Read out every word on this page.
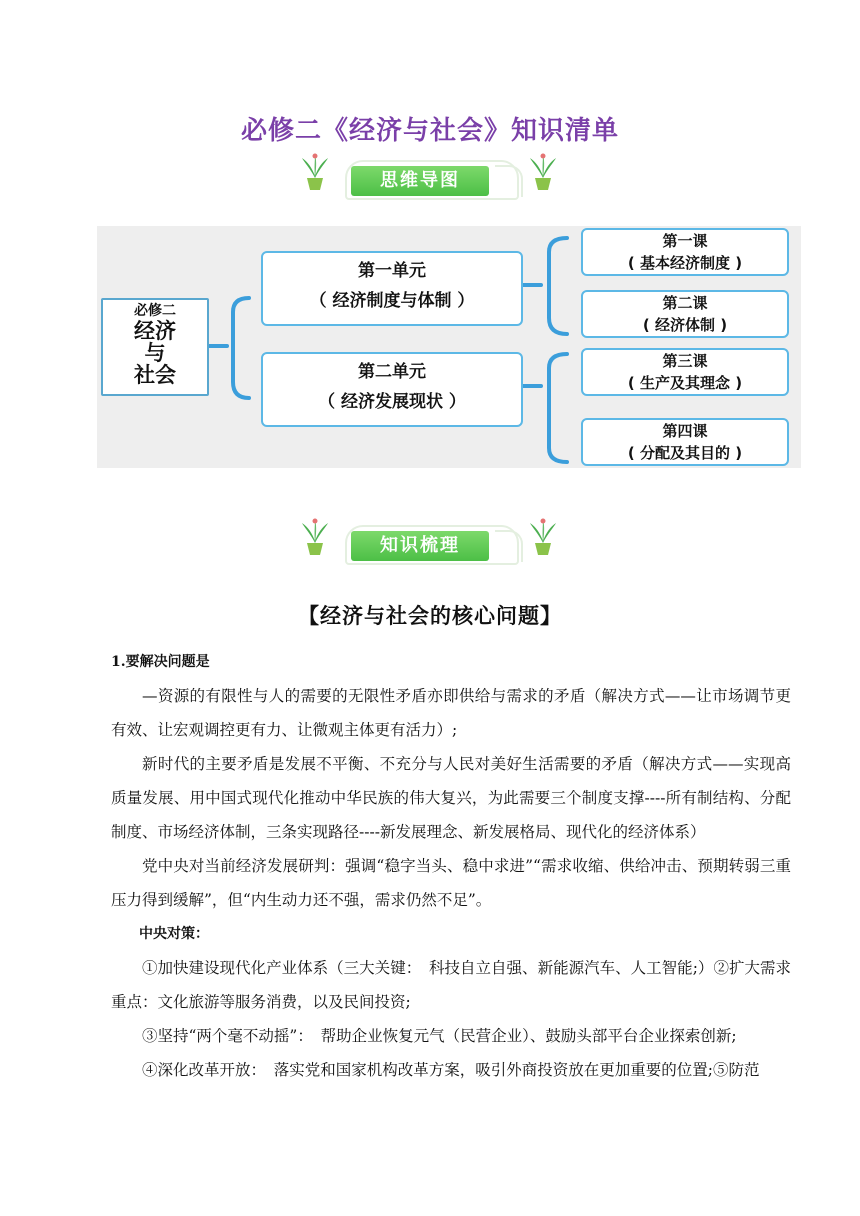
必修二《经济与社会》知识清单
思维导图
必修二
经济
与
社会
第一单元
（ 经济制度与体制 ）
第二单元
（ 经济发展现状 ）
第一课
( 基本经济制度 )
第二课
( 经济体制 )
第三课
( 生产及其理念 )
第四课
( 分配及其目的 )
知识梳理
【经济与社会的核心问题】

1.要解决问题是

—资源的有限性与人的需要的无限性矛盾亦即供给与需求的矛盾（解决方式——让市场调节更有效、让宏观调控更有力、让微观主体更有活力）;

新时代的主要矛盾是发展不平衡、不充分与人民对美好生活需要的矛盾（解决方式——实现高质量发展、用中国式现代化推动中华民族的伟大复兴，为此需要三个制度支撑----所有制结构、分配制度、市场经济体制，三条实现路径----新发展理念、新发展格局、现代化的经济体系）

党中央对当前经济发展研判：强调“稳字当头、稳中求进”“需求收缩、供给冲击、预期转弱三重压力得到缓解”，但“内生动力还不强，需求仍然不足”。

中央对策：

①加快建设现代化产业体系（三大关键：　科技自立自强、新能源汽车、人工智能;）②扩大需求重点：文化旅游等服务消费，以及民间投资;

③坚持“两个毫不动摇”：　帮助企业恢复元气（民营企业）、鼓励头部平台企业探索创新;

④深化改革开放：　落实党和国家机构改革方案，吸引外商投资放在更加重要的位置;⑤防范
